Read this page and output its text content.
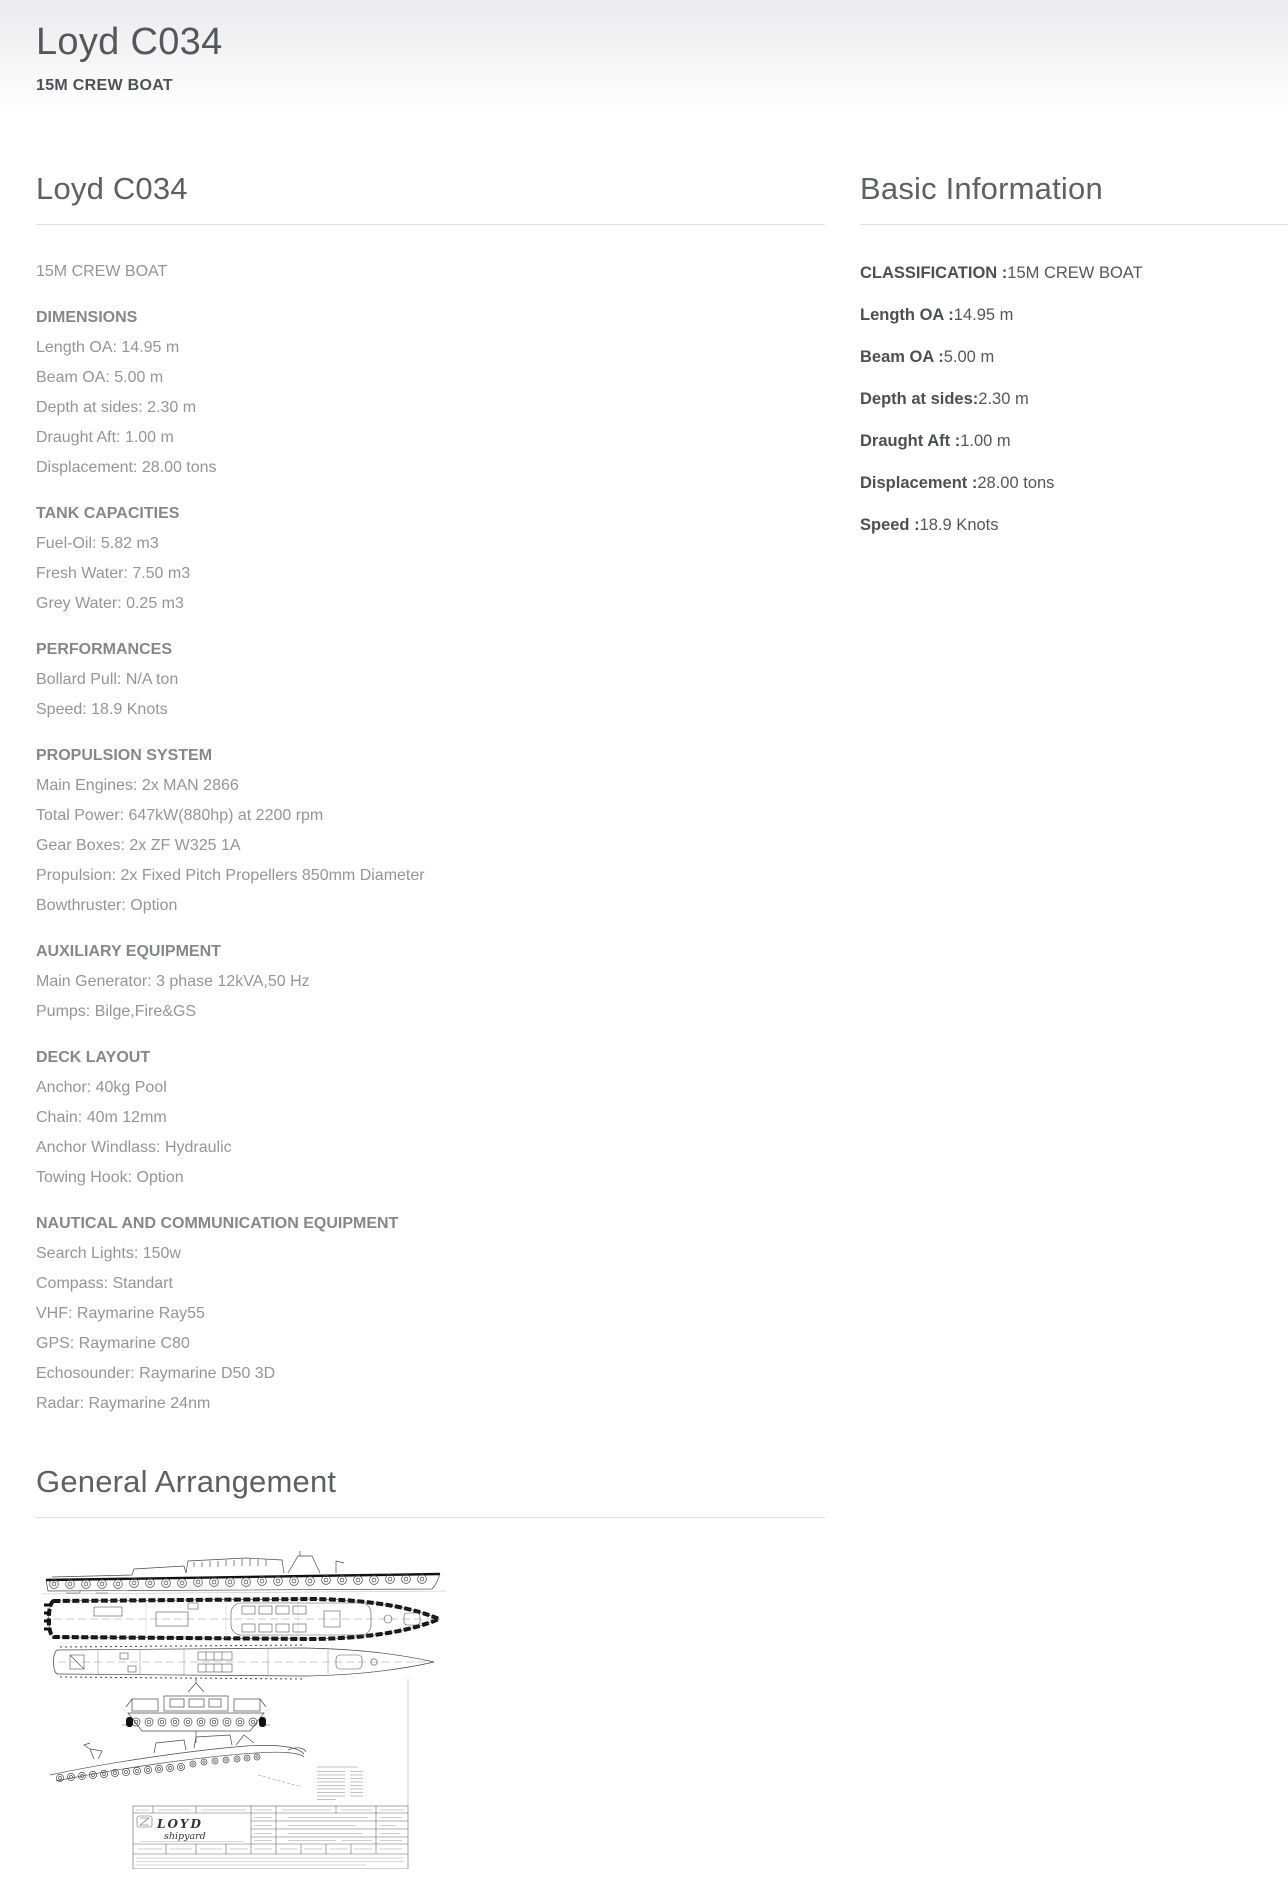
Loyd C034
15M CREW BOAT
Loyd C034
15M CREW BOAT
DIMENSIONS
Length OA: 14.95 m
Beam OA: 5.00 m
Depth at sides: 2.30 m
Draught Aft: 1.00 m
Displacement: 28.00 tons
TANK CAPACITIES
Fuel-Oil: 5.82 m3
Fresh Water: 7.50 m3
Grey Water: 0.25 m3
PERFORMANCES
Bollard Pull: N/A ton
Speed: 18.9 Knots
PROPULSION SYSTEM
Main Engines: 2x MAN 2866
Total Power: 647kW(880hp) at 2200 rpm
Gear Boxes: 2x ZF W325 1A
Propulsion: 2x Fixed Pitch Propellers 850mm Diameter
Bowthruster: Option
AUXILIARY EQUIPMENT
Main Generator: 3 phase 12kVA,50 Hz
Pumps: Bilge,Fire&GS
DECK LAYOUT
Anchor: 40kg Pool
Chain: 40m 12mm
Anchor Windlass: Hydraulic
Towing Hook: Option
NAUTICAL AND COMMUNICATION EQUIPMENT
Search Lights: 150w
Compass: Standart
VHF: Raymarine Ray55
GPS: Raymarine C80
Echosounder: Raymarine D50 3D
Radar: Raymarine 24nm
General Arrangement
LOYD
shipyard
Basic Information
CLASSIFICATION :15M CREW BOAT
Length OA :14.95 m
Beam OA :5.00 m
Depth at sides:2.30 m
Draught Aft :1.00 m
Displacement :28.00 tons
Speed :18.9 Knots
